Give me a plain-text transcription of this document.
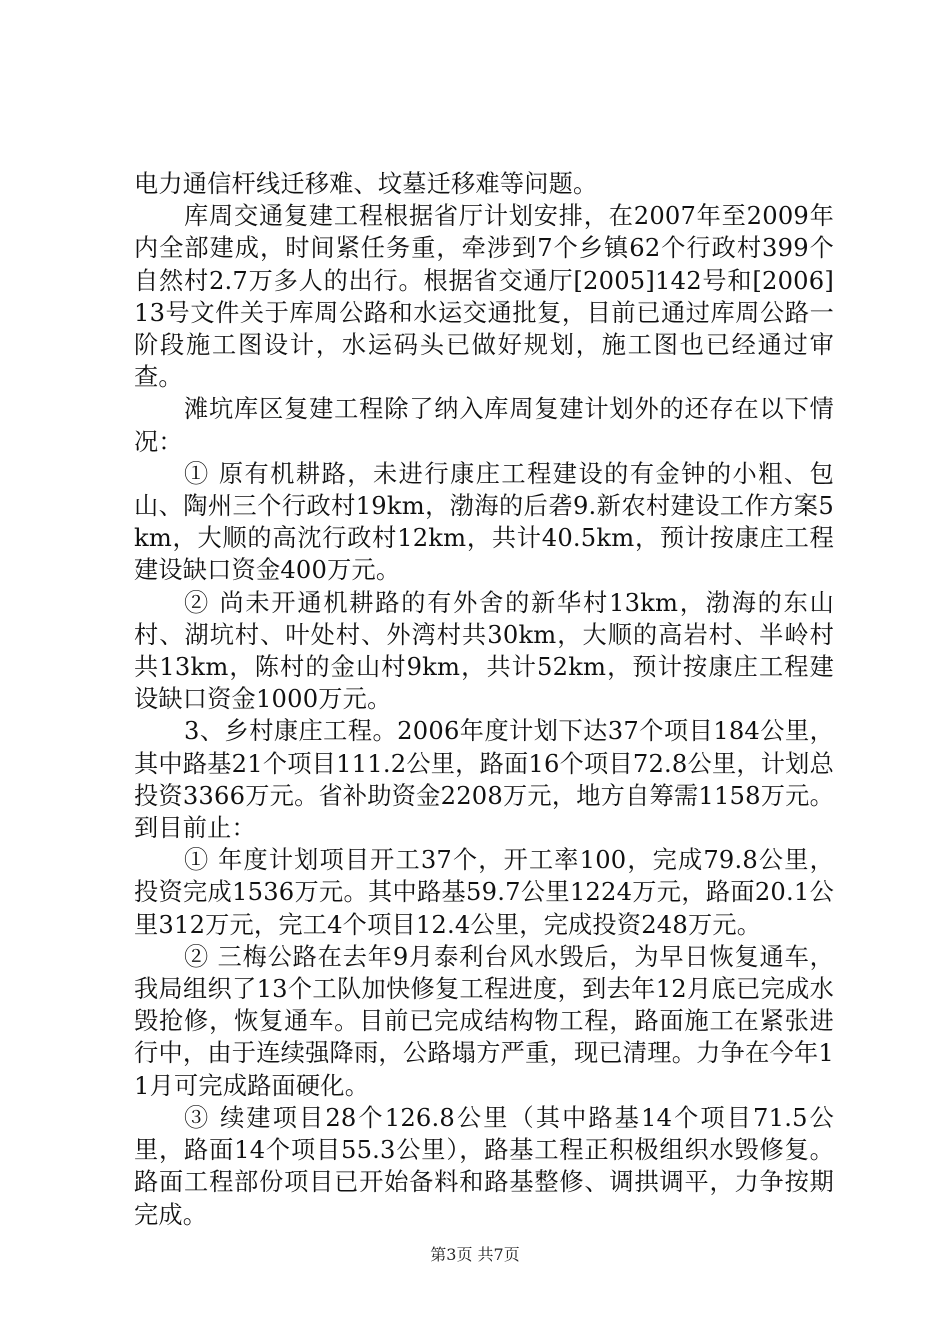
电力通信杆线迁移难、坟墓迁移难等问题。

库周交通复建工程根据省厅计划安排，在2007年至2009年内全部建成，时间紧任务重，牵涉到7个乡镇62个行政村399个自然村2.7万多人的出行。根据省交通厅[2005]142号和[2006]13号文件关于库周公路和水运交通批复，目前已通过库周公路一阶段施工图设计，水运码头已做好规划，施工图也已经通过审查。

滩坑库区复建工程除了纳入库周复建计划外的还存在以下情况：

① 原有机耕路，未进行康庄工程建设的有金钟的小粗、包山、陶州三个行政村19km，渤海的后砻9.新农村建设工作方案5km，大顺的高沈行政村12km，共计40.5km，预计按康庄工程建设缺口资金400万元。

② 尚未开通机耕路的有外舍的新华村13km，渤海的东山村、湖坑村、叶处村、外湾村共30km，大顺的高岩村、半岭村共13km，陈村的金山村9km，共计52km，预计按康庄工程建设缺口资金1000万元。

3、乡村康庄工程。2006年度计划下达37个项目184公里，其中路基21个项目111.2公里，路面16个项目72.8公里，计划总投资3366万元。省补助资金2208万元，地方自筹需1158万元。到目前止：

① 年度计划项目开工37个，开工率100，完成79.8公里，投资完成1536万元。其中路基59.7公里1224万元，路面20.1公里312万元，完工4个项目12.4公里，完成投资248万元。

② 三梅公路在去年9月泰利台风水毁后，为早日恢复通车，我局组织了13个工队加快修复工程进度，到去年12月底已完成水毁抢修，恢复通车。目前已完成结构物工程，路面施工在紧张进行中，由于连续强降雨，公路塌方严重，现已清理。力争在今年11月可完成路面硬化。

③ 续建项目28个126.8公里（其中路基14个项目71.5公里，路面14个项目55.3公里），路基工程正积极组织水毁修复。路面工程部份项目已开始备料和路基整修、调拱调平，力争按期完成。

第3页 共7页
